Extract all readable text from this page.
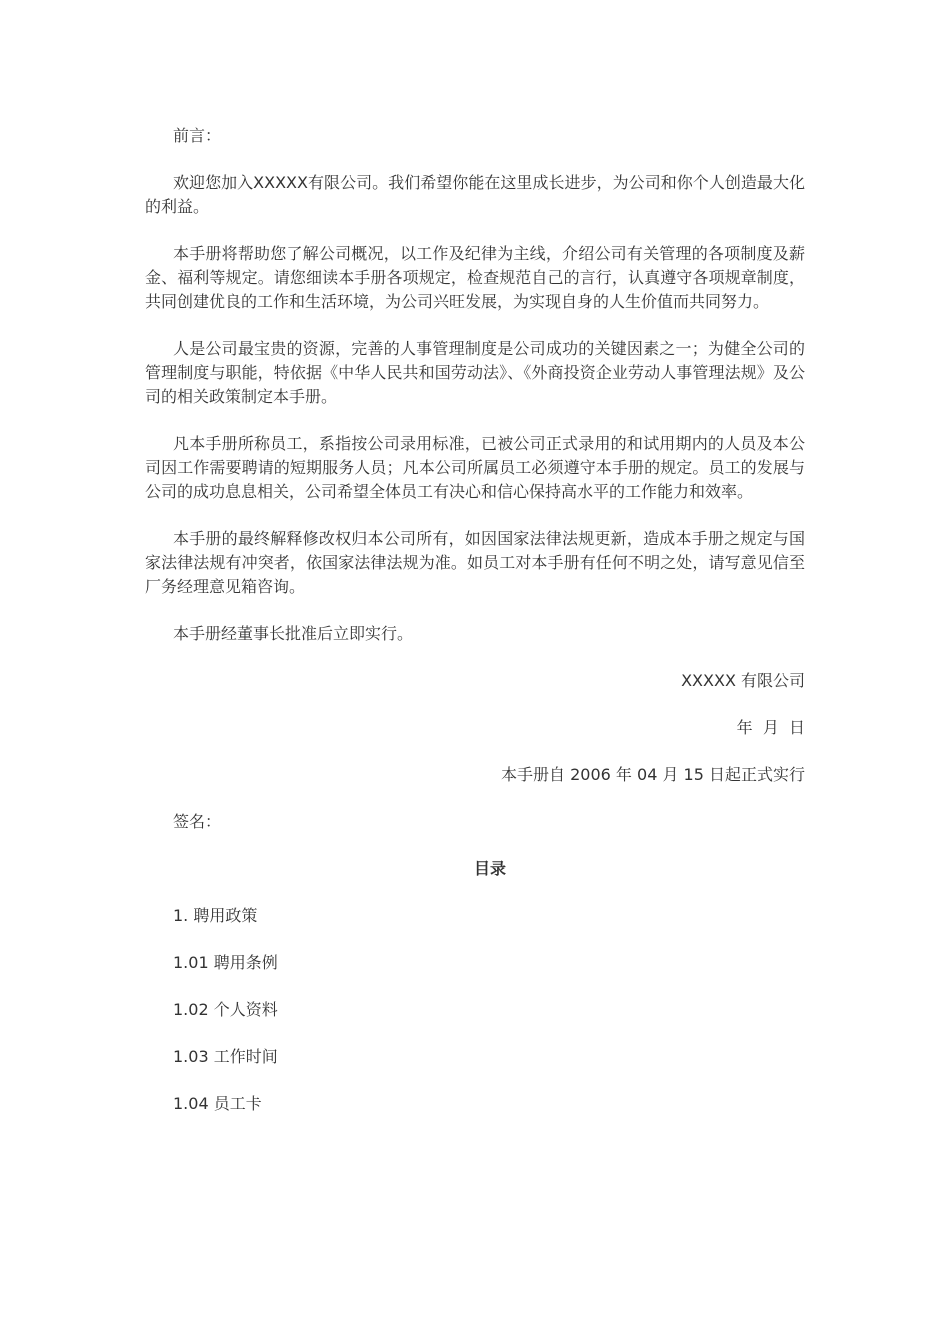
前言：

欢迎您加入XXXXX有限公司。我们希望你能在这里成长进步，为公司和你个人创造最大化的利益。

本手册将帮助您了解公司概况，以工作及纪律为主线，介绍公司有关管理的各项制度及薪金、福利等规定。请您细读本手册各项规定，检查规范自己的言行，认真遵守各项规章制度，共同创建优良的工作和生活环境，为公司兴旺发展，为实现自身的人生价值而共同努力。

人是公司最宝贵的资源，完善的人事管理制度是公司成功的关键因素之一；为健全公司的管理制度与职能，特依据《中华人民共和国劳动法》、《外商投资企业劳动人事管理法规》及公司的相关政策制定本手册。

凡本手册所称员工，系指按公司录用标准，已被公司正式录用的和试用期内的人员及本公司因工作需要聘请的短期服务人员；凡本公司所属员工必须遵守本手册的规定。员工的发展与公司的成功息息相关，公司希望全体员工有决心和信心保持高水平的工作能力和效率。

本手册的最终解释修改权归本公司所有，如因国家法律法规更新，造成本手册之规定与国家法律法规有冲突者，依国家法律法规为准。如员工对本手册有任何不明之处，请写意见信至厂务经理意见箱咨询。

本手册经董事长批准后立即实行。

XXXXX 有限公司

年  月  日

本手册自 2006 年 04 月 15 日起正式实行

签名：

目录

1. 聘用政策

1.01 聘用条例

1.02 个人资料

1.03 工作时间

1.04 员工卡
